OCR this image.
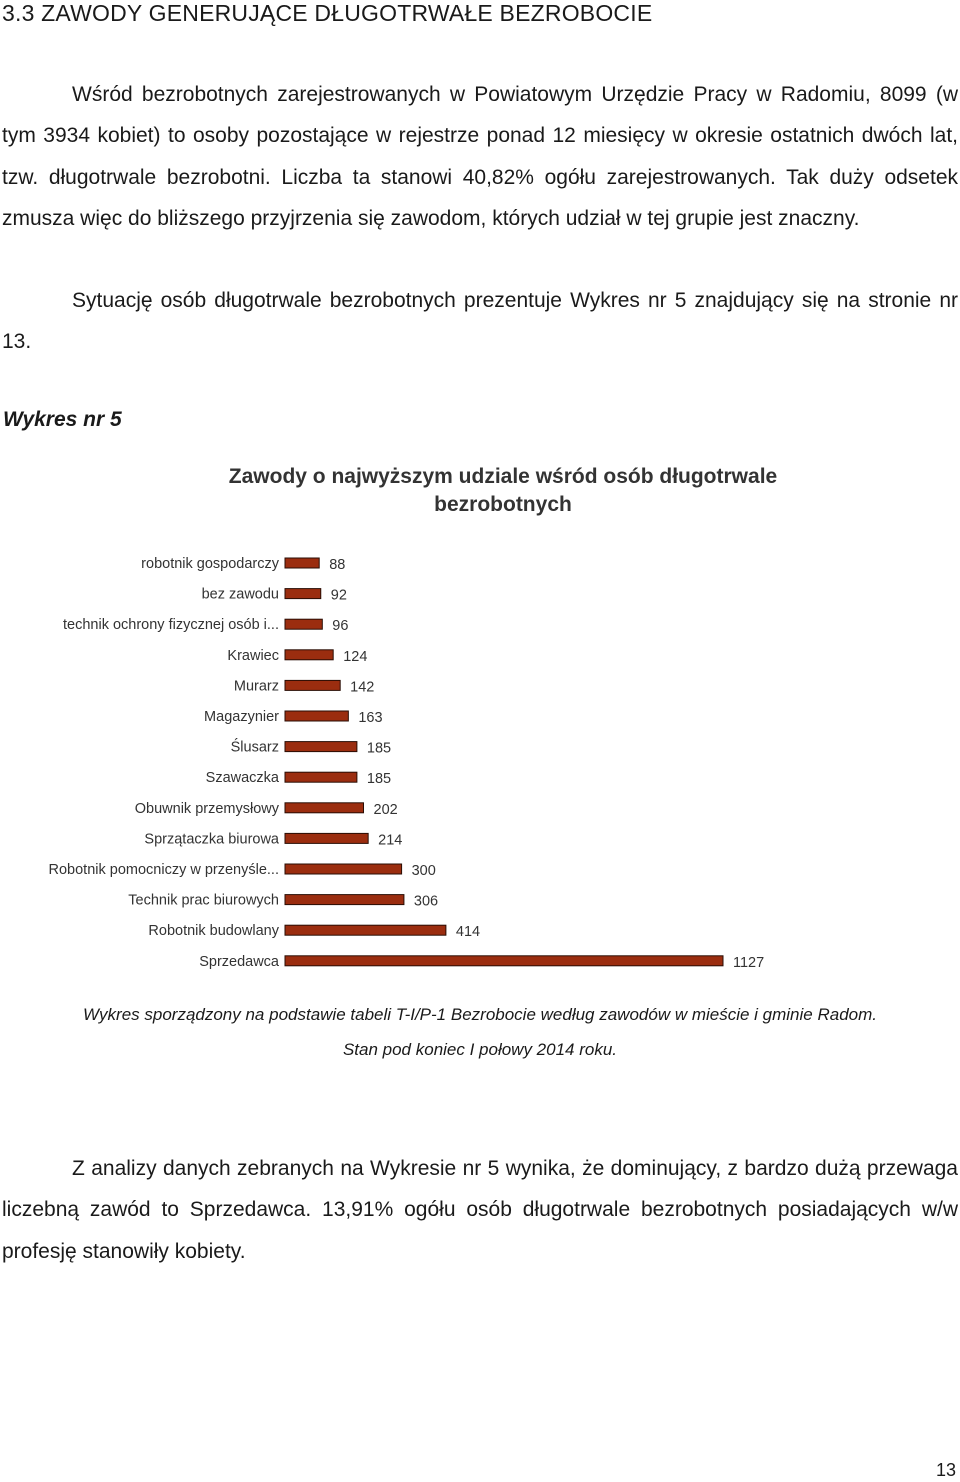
3.3 ZAWODY GENERUJĄCE DŁUGOTRWAŁE BEZROBOCIE

Wśród bezrobotnych zarejestrowanych w Powiatowym Urzędzie Pracy w Radomiu, 8099 (w tym 3934 kobiet) to osoby pozostające w rejestrze ponad 12 miesięcy w okresie ostatnich dwóch lat, tzw. długotrwale bezrobotni. Liczba ta stanowi 40,82% ogółu zarejestrowanych. Tak duży odsetek zmusza więc do bliższego przyjrzenia się zawodom, których udział w tej grupie jest znaczny.

Sytuację osób długotrwale bezrobotnych prezentuje Wykres nr 5 znajdujący się na stronie nr 13.

Wykres nr 5

Zawody o najwyższym udziale wśród osób długotrwale
bezrobotnych
robotnik gospodarczy	88
bez zawodu	92
technik ochrony fizycznej osób i...	96
Krawiec	124
Murarz	142
Magazynier	163
Ślusarz	185
Szawaczka	185
Obuwnik przemysłowy	202
Sprzątaczka biurowa	214
Robotnik pomocniczy w przenyśle...	300
Technik prac biurowych	306
Robotnik budowlany	414
Sprzedawca	1127

Wykres sporządzony na podstawie tabeli T-I/P-1 Bezrobocie według zawodów w mieście i gminie Radom.

Stan pod koniec I połowy 2014 roku.

Z analizy danych zebranych na Wykresie nr 5 wynika, że dominujący, z bardzo dużą przewaga liczebną zawód to Sprzedawca. 13,91% ogółu osób długotrwale bezrobotnych posiadających w/w profesję stanowiły kobiety.

13
